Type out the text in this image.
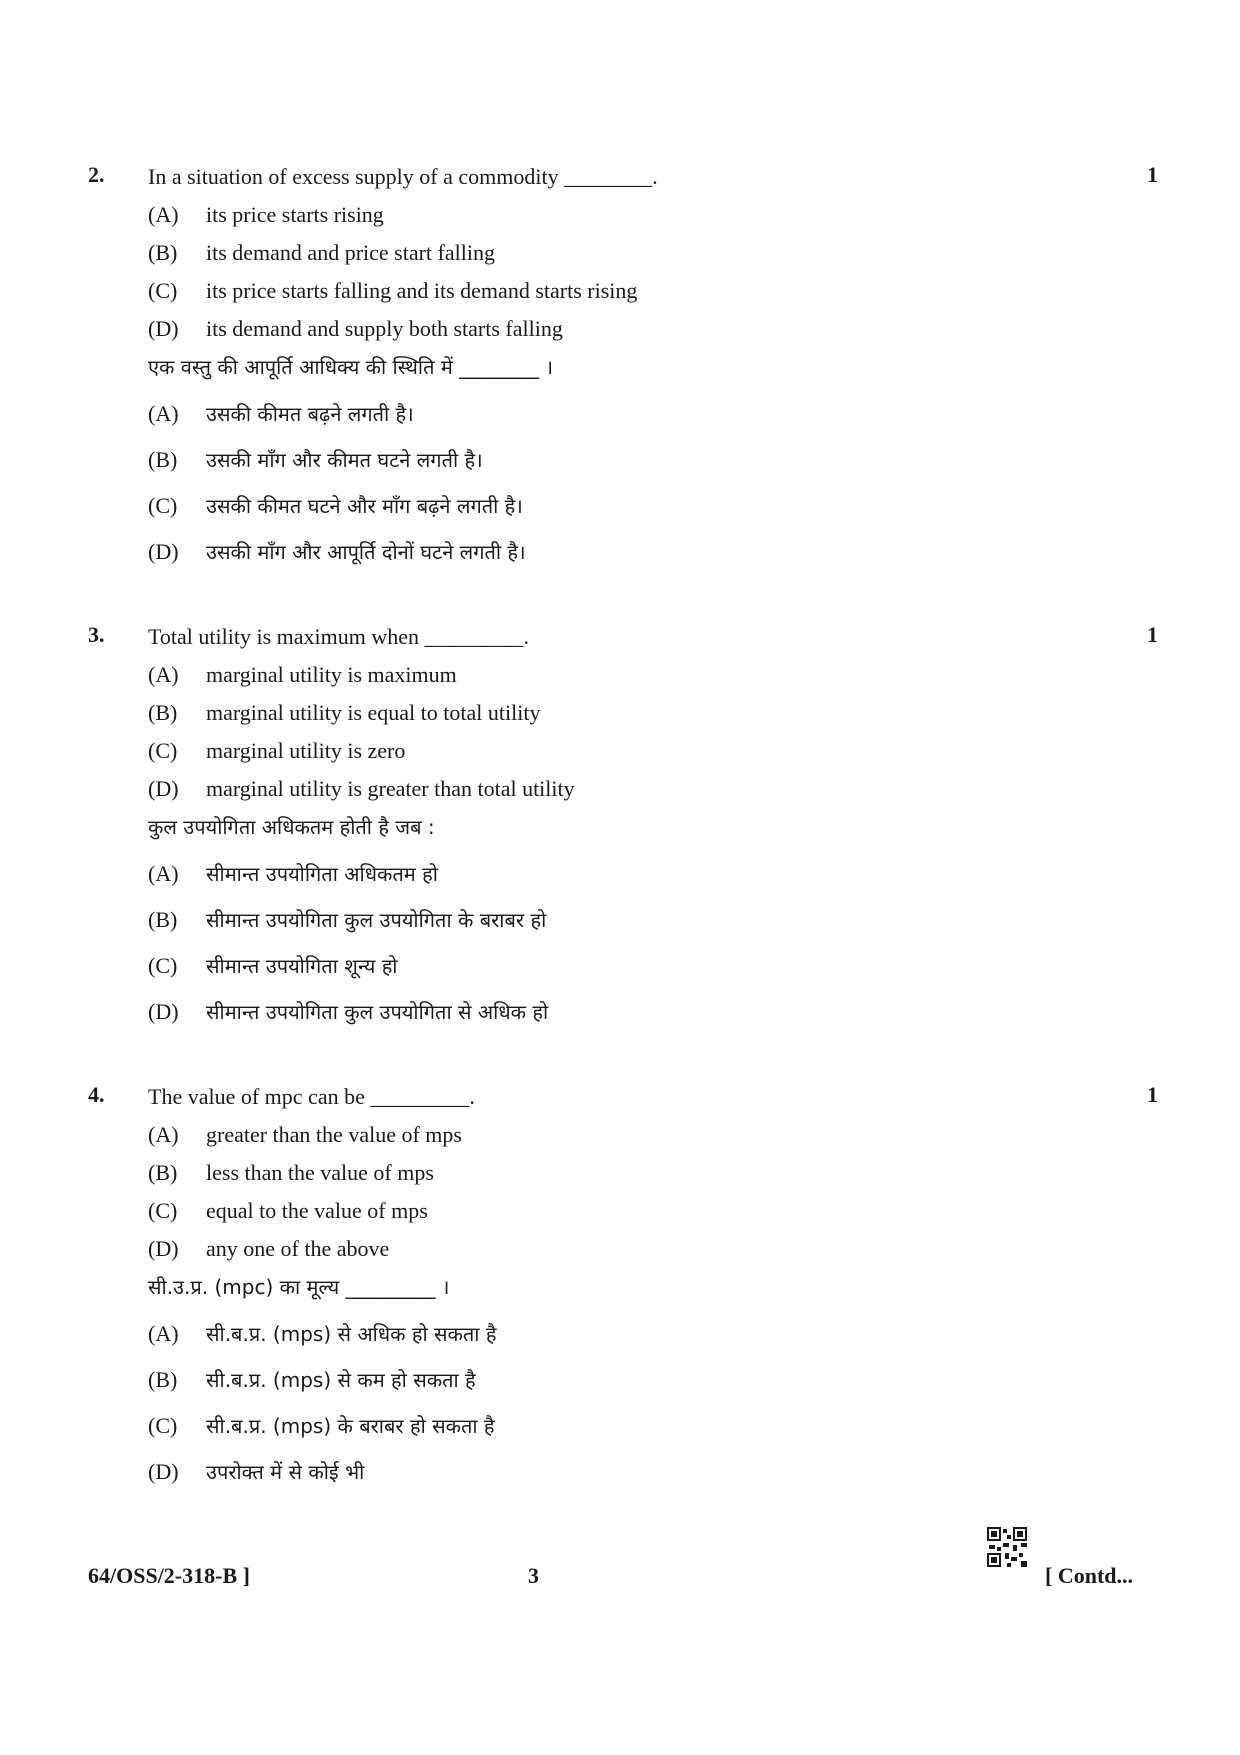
2.	1
In a situation of excess supply of a commodity ________.
(A)	its price starts rising
(B)	its demand and price start falling
(C)	its price starts falling and its demand starts rising
(D)	its demand and supply both starts falling
एक वस्तु की आपूर्ति आधिक्य की स्थिति में ________ ।
(A)	उसकी कीमत बढ़ने लगती है।
(B)	उसकी माँग और कीमत घटने लगती है।
(C)	उसकी कीमत घटने और माँग बढ़ने लगती है।
(D)	उसकी माँग और आपूर्ति दोनों घटने लगती है।
3.	1
Total utility is maximum when _________.
(A)	marginal utility is maximum
(B)	marginal utility is equal to total utility
(C)	marginal utility is zero
(D)	marginal utility is greater than total utility
कुल उपयोगिता अधिकतम होती है जब :
(A)	सीमान्त उपयोगिता अधिकतम हो
(B)	सीमान्त उपयोगिता कुल उपयोगिता के बराबर हो
(C)	सीमान्त उपयोगिता शून्य हो
(D)	सीमान्त उपयोगिता कुल उपयोगिता से अधिक हो
4.	1
The value of mpc can be _________.
(A)	greater than the value of mps
(B)	less than the value of mps
(C)	equal to the value of mps
(D)	any one of the above
सी.उ.प्र. (mpc) का मूल्य _________ ।
(A)	सी.ब.प्र. (mps) से अधिक हो सकता है
(B)	सी.ब.प्र. (mps) से कम हो सकता है
(C)	सी.ब.प्र. (mps) के बराबर हो सकता है
(D)	उपरोक्त में से कोई भी
64/OSS/2-318-B ]	3	[ Contd...
